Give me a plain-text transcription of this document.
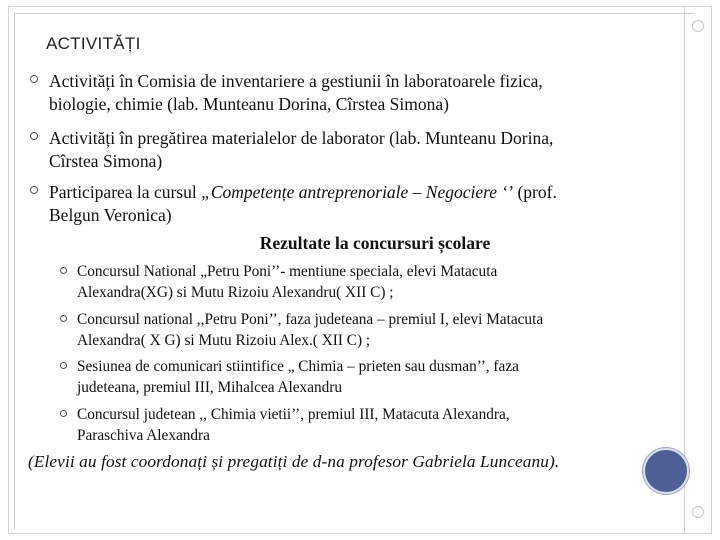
ACTIVITĂȚI
Activități în Comisia de inventariere a gestiunii în laboratoarele fizica,
biologie, chimie (lab. Munteanu Dorina, Cîrstea Simona)
Activități în pregătirea materialelor de laborator (lab. Munteanu Dorina,
Cîrstea Simona)
Participarea la cursul „Competențe antreprenoriale – Negociere ‘’ (prof.
Belgun Veronica)
Rezultate la concursuri școlare
Concursul National „Petru Poni’’- mentiune speciala, elevi Matacuta
Alexandra(XG) si Mutu Rizoiu Alexandru( XII C) ;
Concursul national ,,Petru Poni’’, faza judeteana – premiul I, elevi Matacuta
Alexandra( X G) si Mutu Rizoiu Alex.( XII C) ;
Sesiunea de comunicari stiintifice „ Chimia – prieten sau dusman’’, faza
judeteana, premiul III, Mihalcea Alexandru
Concursul judetean ,, Chimia vietii’’, premiul III, Matacuta Alexandra,
Paraschiva Alexandra
(Elevii au fost coordonați și pregatiți de d-na profesor Gabriela Lunceanu).
